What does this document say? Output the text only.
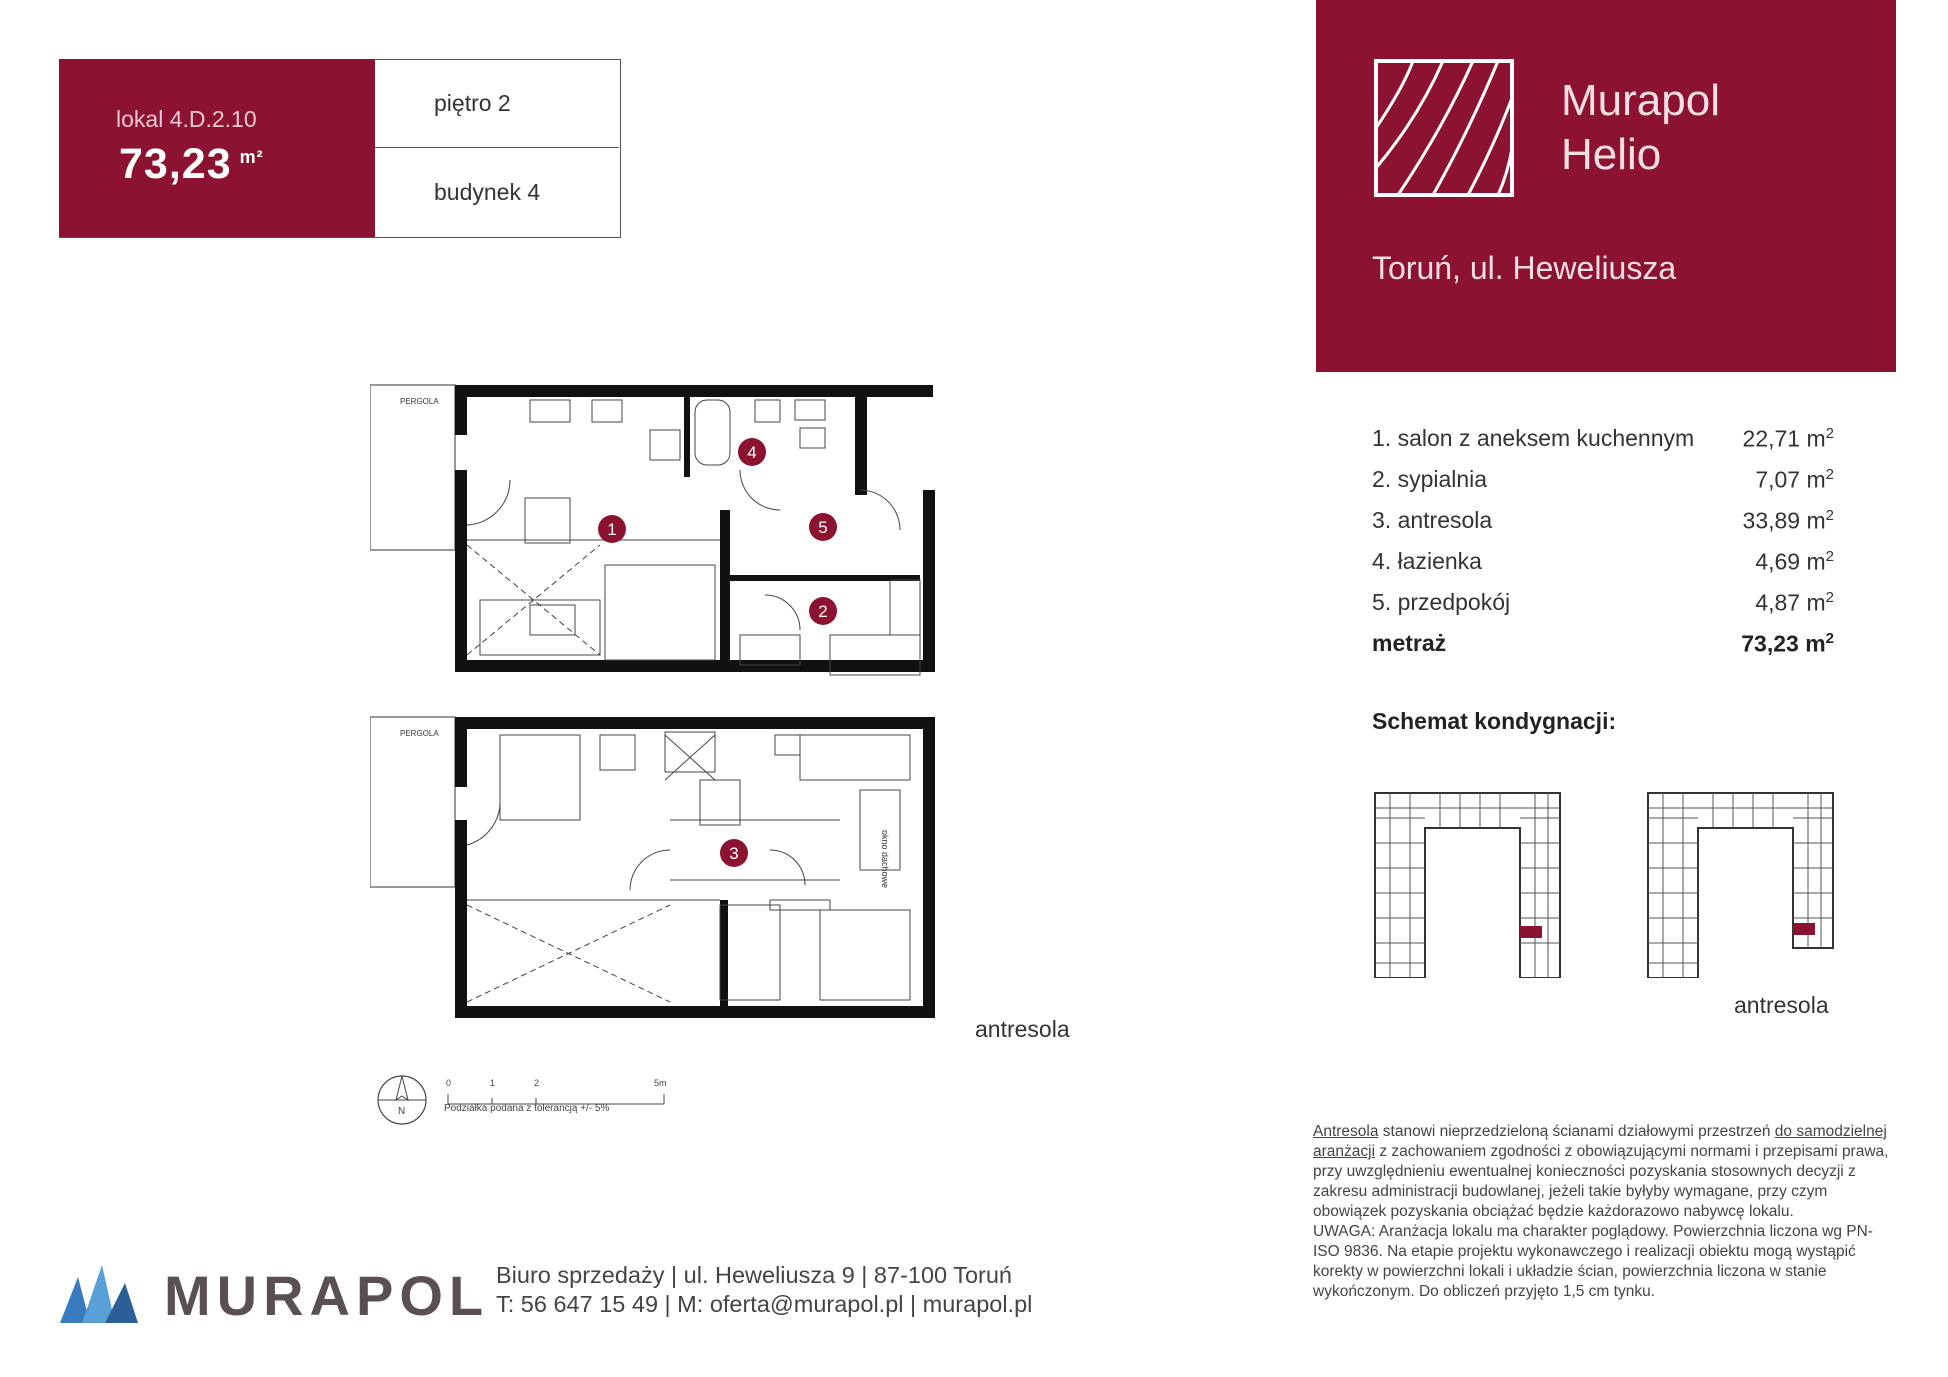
lokal 4.D.2.10
73,23 $^{m^2}$
piętro 2
budynek 4
Murapol
Helio
Toruń, ul. Heweliusza
1. salon z aneksem kuchennym 22,71 $m^2$
2. sypialnia	7,07 $m^2$
3. antresola	33,89 $m^2$
4. łazienka	4,69 $m^2$
5. przedpokój	4,87 $m^2$
metraż	73,23 $m^2$
Schemat kondygnacji:
antresola
PERGOLA
1
2
4
5
PERGOLA
okno dachowe
3
antresola
N
0	1	2	5m
Podziałka podana z tolerancją +/- 5%
Antresola stanowi nieprzedzieloną ścianami działowymi przestrzeń do samodzielnej aranżacji z zachowaniem zgodności z obowiązującymi normami i przepisami prawa, przy uwzględnieniu ewentualnej konieczności pozyskania stosownych decyzji z zakresu administracji budowlanej, jeżeli takie byłyby wymagane, przy czym obowiązek pozyskania obciążać będzie każdorazowo nabywcę lokalu.
UWAGA: Aranżacja lokalu ma charakter poglądowy. Powierzchnia liczona wg PN-ISO 9836. Na etapie projektu wykonawczego i realizacji obiektu mogą wystąpić korekty w powierzchni lokali i układzie ścian, powierzchnia liczona w stanie wykończonym. Do obliczeń przyjęto 1,5 cm tynku.
MURAPOL Biuro sprzedaży | ul. Heweliusza 9 | 87-100 Toruń
T: 56 647 15 49 | M: oferta@murapol.pl | murapol.pl
